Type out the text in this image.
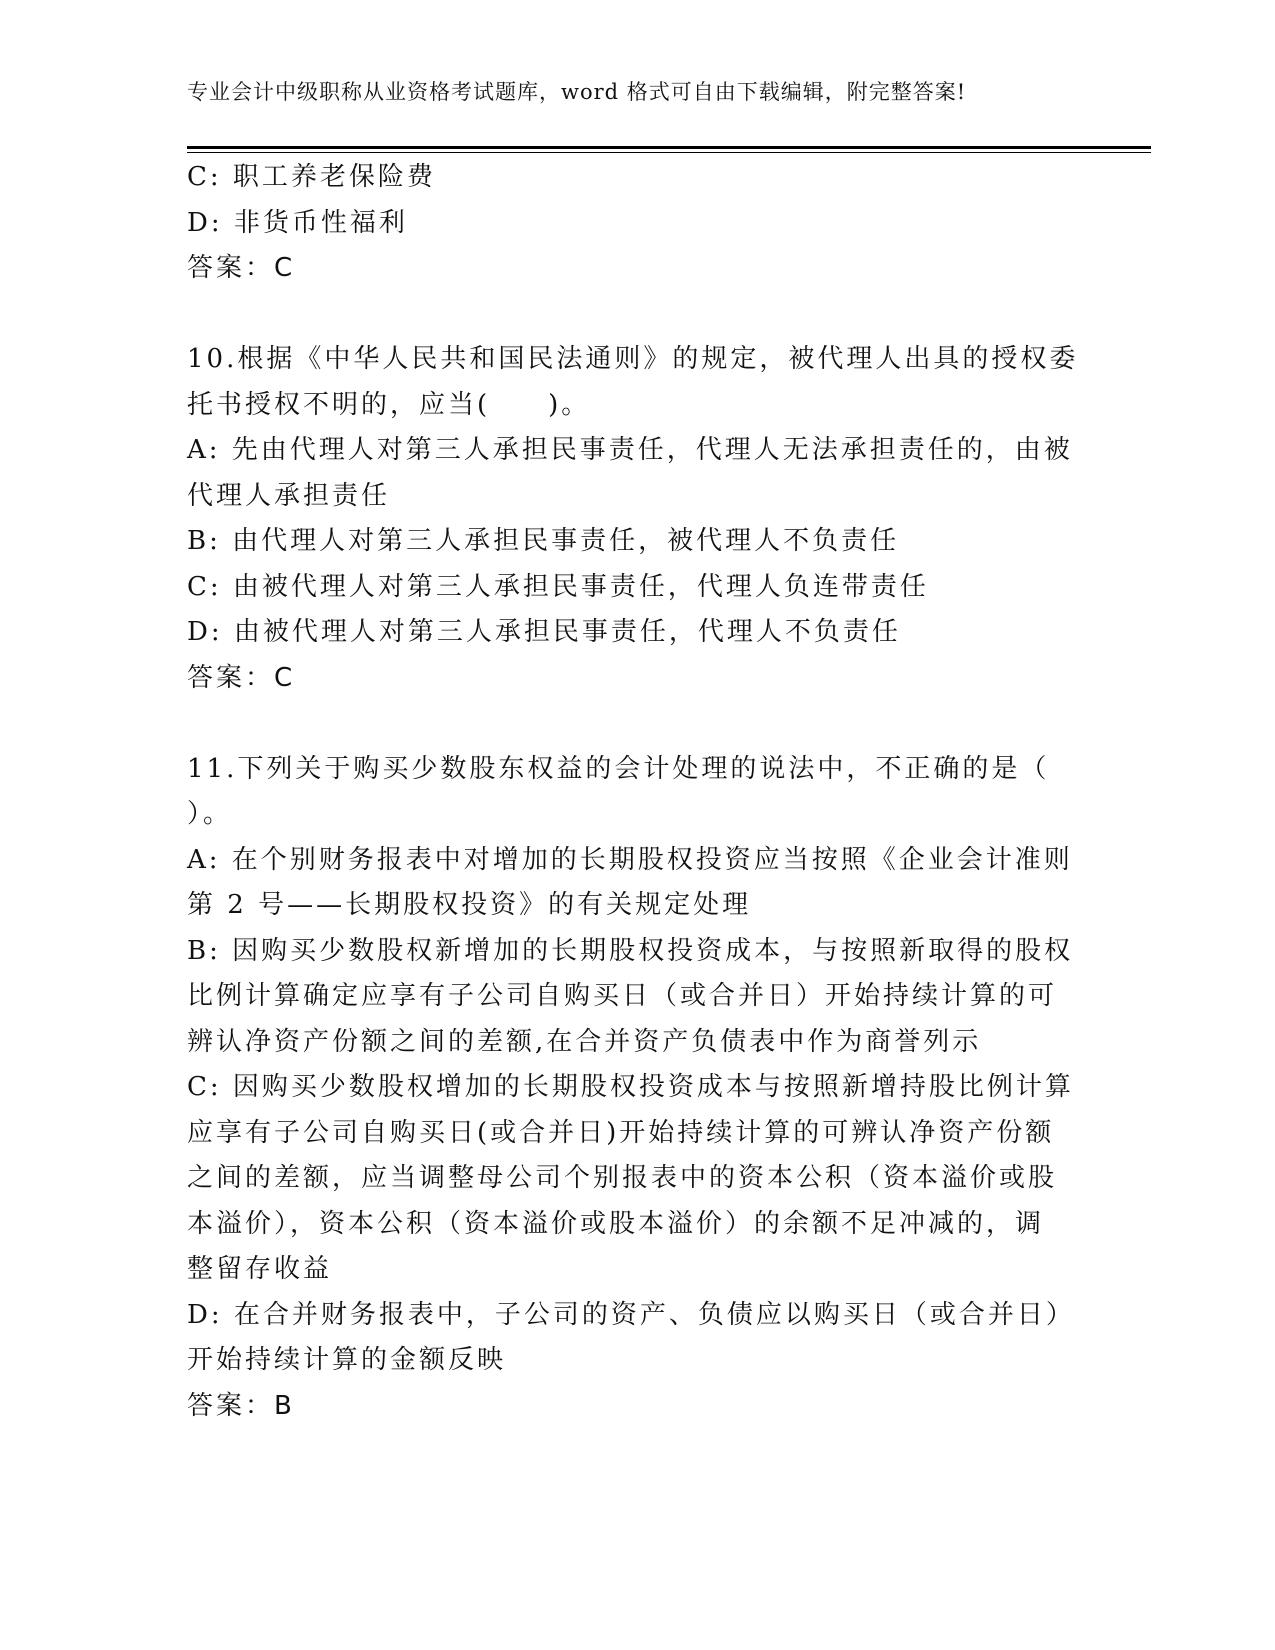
专业会计中级职称从业资格考试题库，word 格式可自由下载编辑，附完整答案!
C: 职工养老保险费
D: 非货币性福利
答案：C
10.根据《中华人民共和国民法通则》的规定，被代理人出具的授权委
托书授权不明的，应当(　　)。
A: 先由代理人对第三人承担民事责任，代理人无法承担责任的，由被
代理人承担责任
B: 由代理人对第三人承担民事责任，被代理人不负责任
C: 由被代理人对第三人承担民事责任，代理人负连带责任
D: 由被代理人对第三人承担民事责任，代理人不负责任
答案：C
11.下列关于购买少数股东权益的会计处理的说法中，不正确的是（
）。
A: 在个别财务报表中对增加的长期股权投资应当按照《企业会计准则
第 2 号——长期股权投资》的有关规定处理
B: 因购买少数股权新增加的长期股权投资成本，与按照新取得的股权
比例计算确定应享有子公司自购买日（或合并日）开始持续计算的可
辨认净资产份额之间的差额,在合并资产负债表中作为商誉列示
C: 因购买少数股权增加的长期股权投资成本与按照新增持股比例计算
应享有子公司自购买日(或合并日)开始持续计算的可辨认净资产份额
之间的差额，应当调整母公司个别报表中的资本公积（资本溢价或股
本溢价），资本公积（资本溢价或股本溢价）的余额不足冲减的，调
整留存收益
D: 在合并财务报表中，子公司的资产、负债应以购买日（或合并日）
开始持续计算的金额反映
答案：B
